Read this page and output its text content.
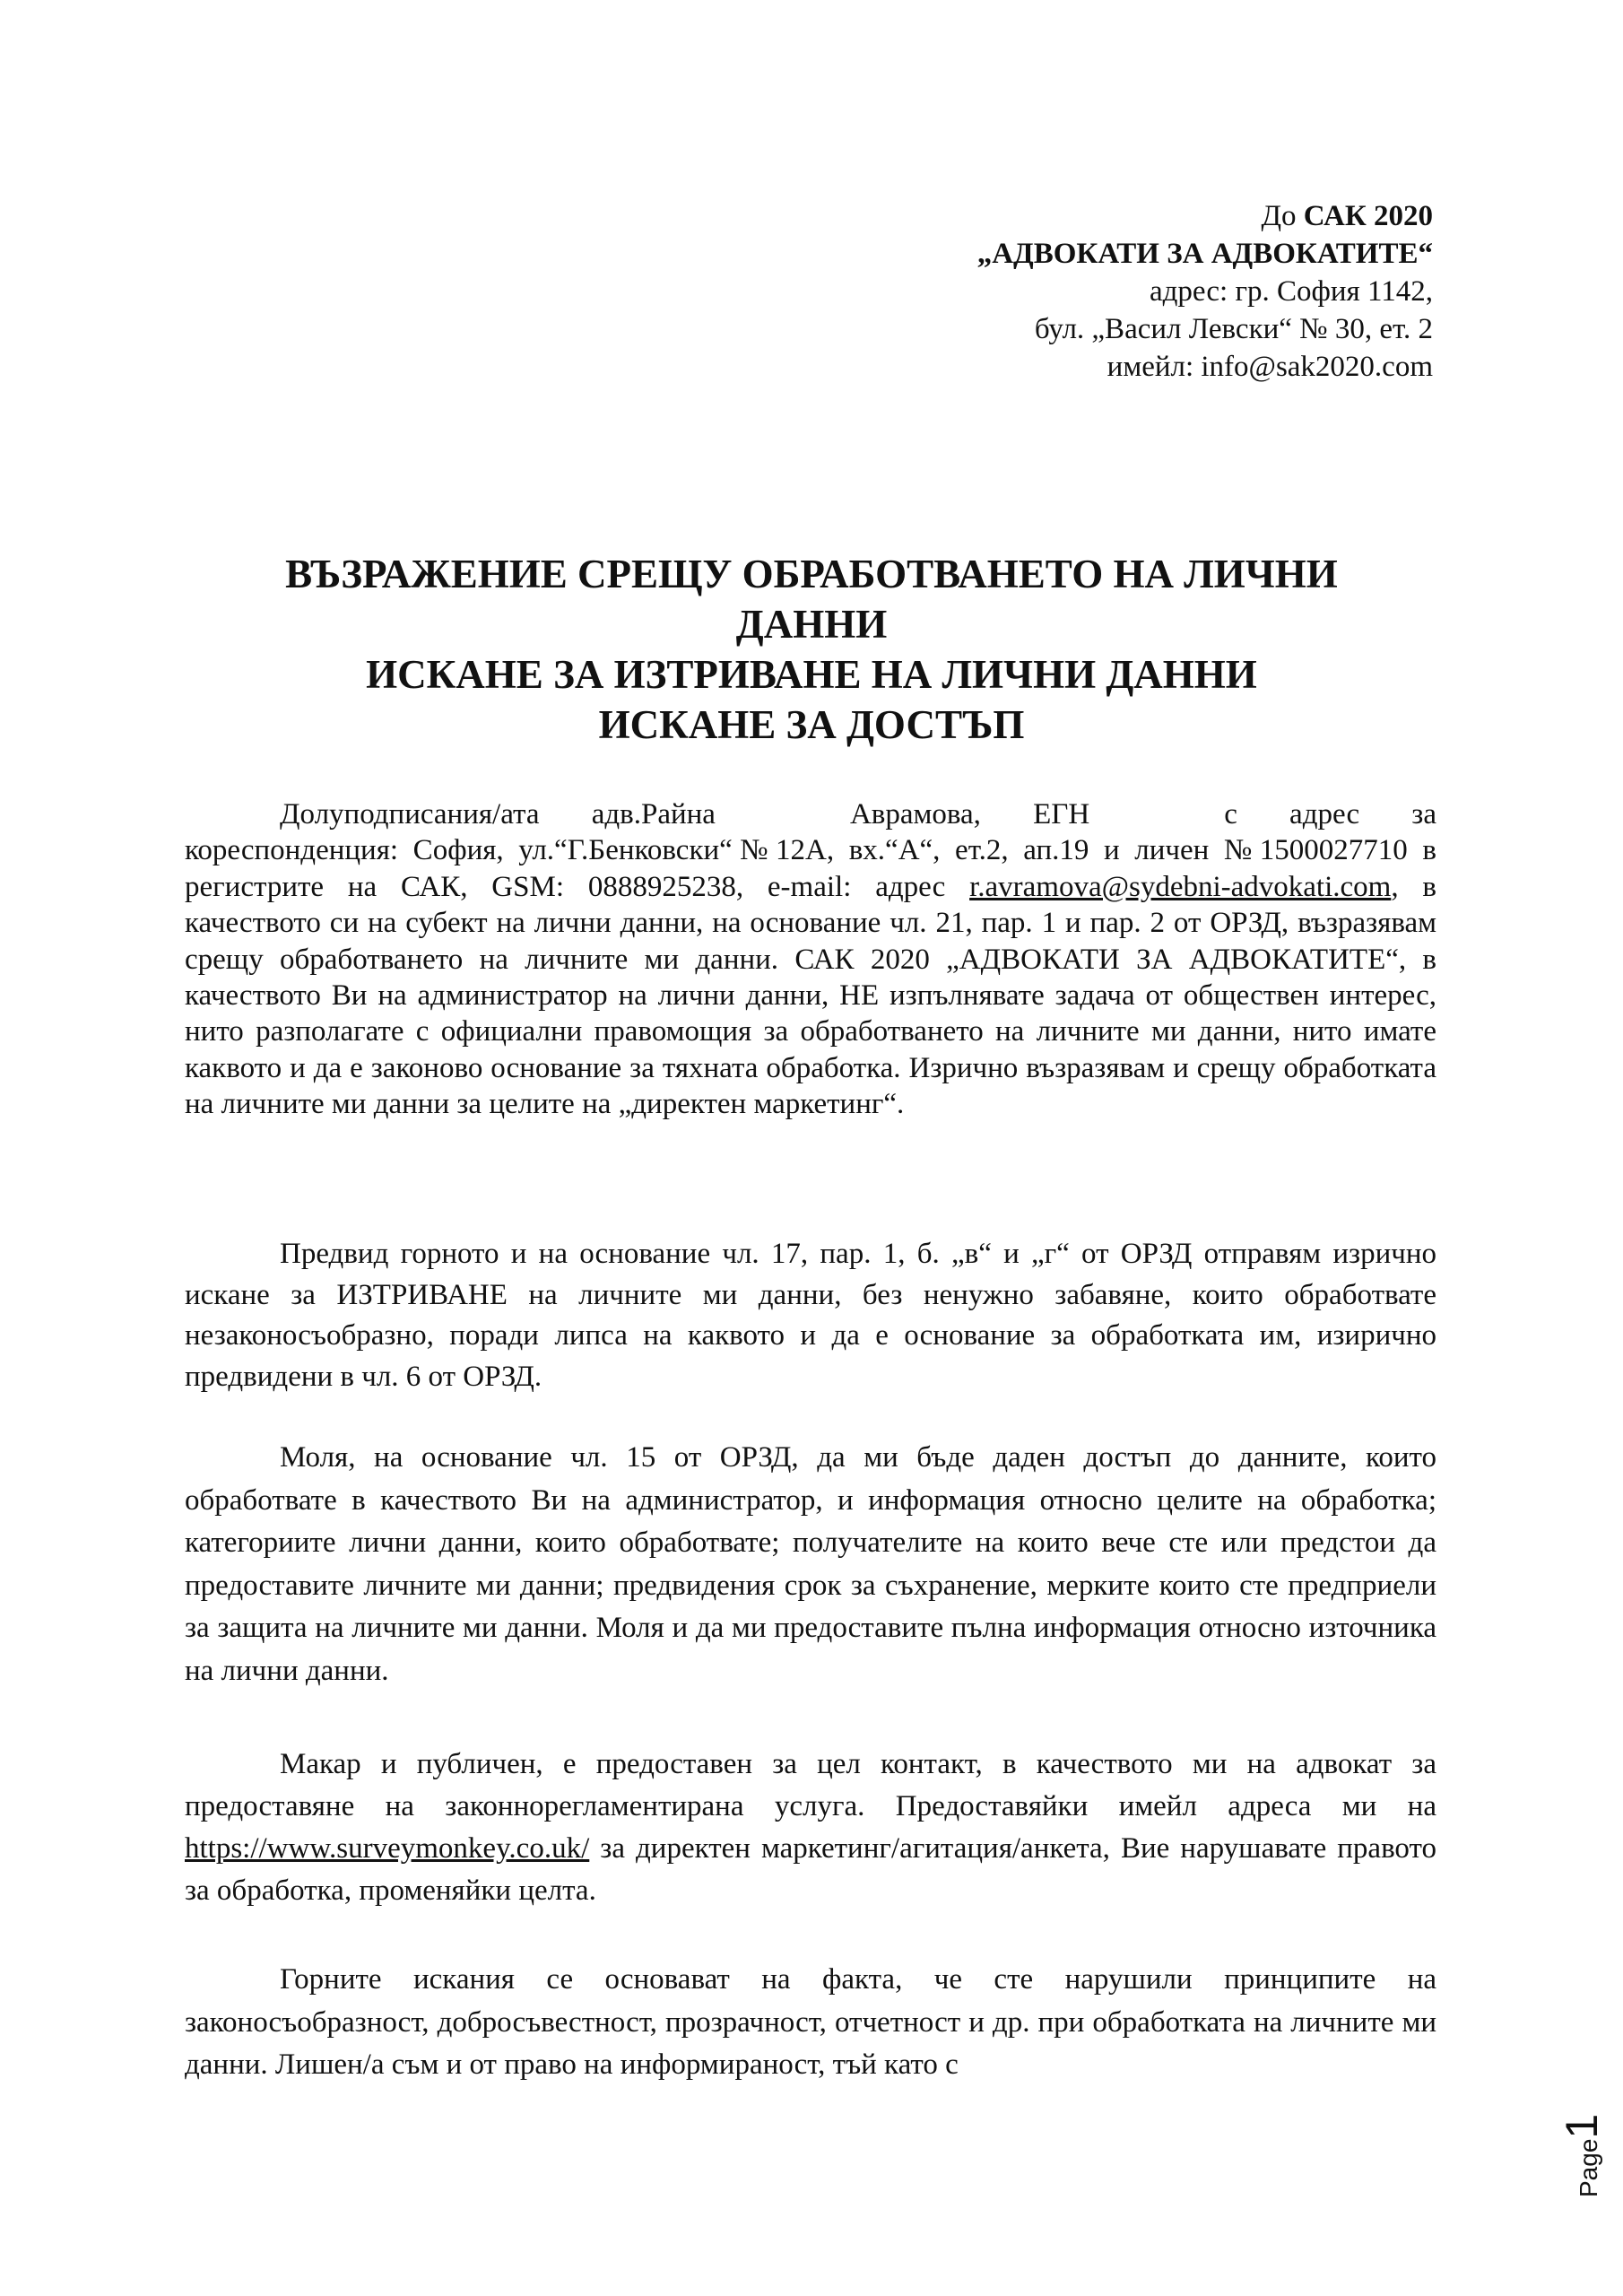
До САК 2020
„АДВОКАТИ ЗА АДВОКАТИТЕ“
адрес: гр. София 1142,
бул. „Васил Левски“ № 30, ет. 2
имейл: info@sak2020.com
ВЪЗРАЖЕНИЕ СРЕЩУ ОБРАБОТВАНЕТО НА ЛИЧНИ
ДАННИ
ИСКАНЕ ЗА ИЗТРИВАНЕ НА ЛИЧНИ ДАННИ
ИСКАНЕ ЗА ДОСТЪП

Долуподписания/ата адв.Райна	Аврамова, ЕГН	с адрес за кореспонденция: София, ул.“Г.Бенковски“№12А, вх.“А“, ет.2, ап.19 и личен №1500027710 в регистрите на САК, GSM: 0888925238, e-mail: адрес r.avramova@sydebni-advokati.com, в качеството си на субект на лични данни, на основание чл. 21, пар. 1 и пар. 2 от ОРЗД, възразявам срещу обработването на личните ми данни. САК 2020 „АДВОКАТИ ЗА АДВОКАТИТЕ“, в качеството Ви на администратор на лични данни, НЕ изпълнявате задача от обществен интерес, нито разполагате с официални правомощия за обработването на личните ми данни, нито имате каквото и да е законово основание за тяхната обработка. Изрично възразявам и срещу обработката на личните ми данни за целите на „директен маркетинг“.

Предвид горното и на основание чл. 17, пар. 1, б. „в“ и „г“ от ОРЗД отправям изрично искане за ИЗТРИВАНЕ на личните ми данни, без ненужно забавяне, които обработвате незаконосъобразно, поради липса на каквото и да е основание за обработката им, изирично предвидени в чл. 6 от ОРЗД.

Моля, на основание чл. 15 от ОРЗД, да ми бъде даден достъп до данните, които обработвате в качеството Ви на администратор, и информация относно целите на обработка; категориите лични данни, които обработвате; получателите на които вече сте или предстои да предоставите личните ми данни; предвидения срок за съхранение, мерките които сте предприели за защита на личните ми данни. Моля и да ми предоставите пълна информация относно източника на лични данни.

Макар и публичен, е предоставен за цел контакт, в качеството ми на адвокат за предоставяне на законнорегламентирана услуга. Предоставяйки имейл адреса ми на https://www.surveymonkey.co.uk/ за директен маркетинг/агитация/анкета, Вие нарушавате правото за обработка, променяйки целта.

Горните искания се основават на факта, че сте нарушили принципите на законосъобразност, добросъвестност, прозрачност, отчетност и др. при обработката на личните ми данни. Лишен/а съм и от право на информираност, тъй като с

Page1
